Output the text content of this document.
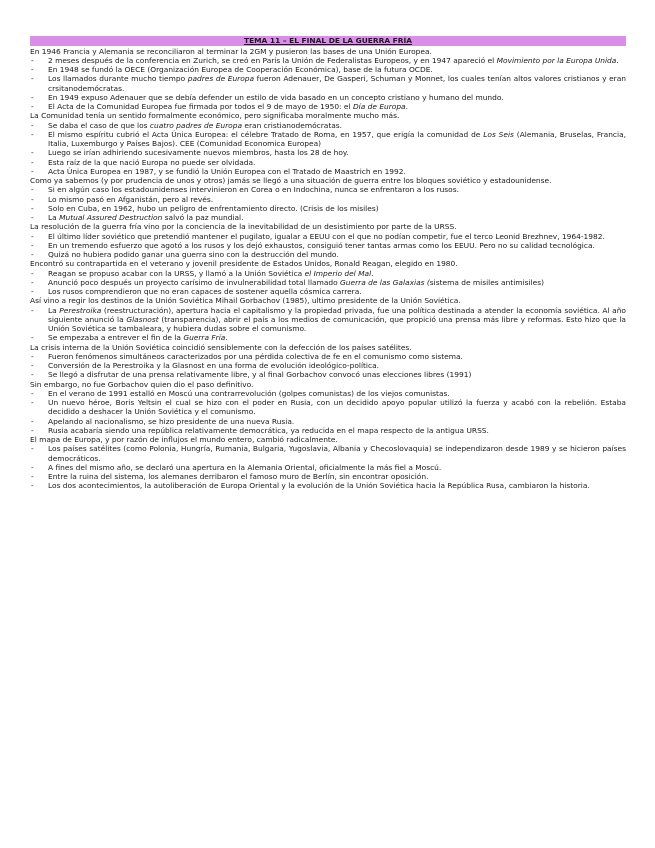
TEMA 11 – EL FINAL DE LA GUERRA FRÍA
En 1946 Francia y Alemania se reconciliaron al terminar la 2GM y pusieron las bases de una Unión Europea.
- 2 meses después de la conferencia en Zurich, se creó en París la Unión de Federalistas Europeos, y en 1947 apareció el Movimiento por la Europa Unida.
- En 1948 se fundó la OECE (Organización Europea de Cooperación Económica), base de la futura OCDE.
- Los llamados durante mucho tiempo padres de Europa fueron Adenauer, De Gasperi, Schuman y Monnet, los cuales tenían altos valores cristianos y eran crsitanodemócratas.
- En 1949 expuso Adenauer que se debía defender un estilo de vida basado en un concepto cristiano y humano del mundo.
- El Acta de la Comunidad Europea fue firmada por todos el 9 de mayo de 1950: el Día de Europa.
La Comunidad tenía un sentido formalmente económico, pero significaba moralmente mucho más.
- Se daba el caso de que los cuatro padres de Europa eran cristianodemócratas.
- El mismo espíritu cubrió el Acta Única Europea: el célebre Tratado de Roma, en 1957, que erigía la comunidad de Los Seis (Alemania, Bruselas, Francia, Italia, Luxemburgo y Países Bajos). CEE (Comunidad Economica Europea)
- Luego se irían adhiriendo sucesivamente nuevos miembros, hasta los 28 de hoy.
- Esta raíz de la que nació Europa no puede ser olvidada.
- Acta Única Europea en 1987, y se fundió la Unión Europea con el Tratado de Maastrich en 1992.
Como ya sabemos (y por prudencia de unos y otros) jamás se llegó a una situación de guerra entre los bloques soviético y estadounidense.
- Si en algún caso los estadounidenses intervinieron en Corea o en Indochina, nunca se enfrentaron a los rusos.
- Lo mismo pasó en Afganistán, pero al revés.
- Solo en Cuba, en 1962, hubo un peligro de enfrentamiento directo. (Crisis de los misiles)
- La Mutual Assured Destruction salvó la paz mundial.
La resolución de la guerra fría vino por la conciencia de la inevitabilidad de un desistimiento por parte de la URSS.
- El último líder soviético que pretendió mantener el pugilato, igualar a EEUU con el que no podían competir, fue el terco Leonid Brezhnev, 1964-1982.
- En un tremendo esfuerzo que agotó a los rusos y los dejó exhaustos, consiguió tener tantas armas como los EEUU. Pero no su calidad tecnológica.
- Quizá no hubiera podido ganar una guerra sino con la destrucción del mundo.
Encontró su contrapartida en el veterano y jovenil presidente de Estados Unidos, Ronald Reagan, elegido en 1980.
- Reagan se propuso acabar con la URSS, y llamó a la Unión Soviética el Imperio del Mal.
- Anunció poco después un proyecto carísimo de invulnerabilidad total llamado Guerra de las Galaxias (sistema de misiles antimisiles)
- Los rusos comprendieron que no eran capaces de sostener aquella cósmica carrera.
Así vino a regir los destinos de la Unión Soviética Mihail Gorbachov (1985), ultimo presidente de la Unión Soviética.
- La Perestroika (reestructuración), apertura hacia el capitalismo y la propiedad privada, fue una política destinada a atender la economía soviética. Al año siguiente anunció la Glasnost (transparencia), abrir el país a los medios de comunicación, que propició una prensa más libre y reformas. Esto hizo que la Unión Soviética se tambaleara, y hubiera dudas sobre el comunismo.
- Se empezaba a entrever el fin de la Guerra Fría.
La crisis interna de la Unión Soviética coincidió sensiblemente con la defección de los países satélites.
- Fueron fenómenos simultáneos caracterizados por una pérdida colectiva de fe en el comunismo como sistema.
- Conversión de la Perestroika y la Glasnost en una forma de evolución ideológico-política.
- Se llegó a disfrutar de una prensa relativamente libre, y al final Gorbachov convocó unas elecciones libres (1991)
Sin embargo, no fue Gorbachov quien dio el paso definitivo.
- En el verano de 1991 estalló en Moscú una contrarrevolución (golpes comunistas) de los viejos comunistas.
- Un nuevo héroe, Boris Yeltsin el cual se hizo con el poder en Rusia, con un decidido apoyo popular utilizó la fuerza y acabó con la rebelión. Estaba decidido a deshacer la Unión Soviética y el comunismo.
- Apelando al nacionalismo, se hizo presidente de una nueva Rusia.
- Rusia acabaría siendo una república relativamente democrática, ya reducida en el mapa respecto de la antigua URSS.
El mapa de Europa, y por razón de influjos el mundo entero, cambió radicalmente.
- Los países satélites (como Polonia, Hungría, Rumania, Bulgaria, Yugoslavia, Albania y Checoslovaquia) se independizaron desde 1989 y se hicieron países democráticos.
- A fines del mismo año, se declaró una apertura en la Alemania Oriental, oficialmente la más fiel a Moscú.
- Entre la ruina del sistema, los alemanes derribaron el famoso muro de Berlín, sin encontrar oposición.
- Los dos acontecimientos, la autoliberación de Europa Oriental y la evolución de la Unión Soviética hacia la República Rusa, cambiaron la historia.
